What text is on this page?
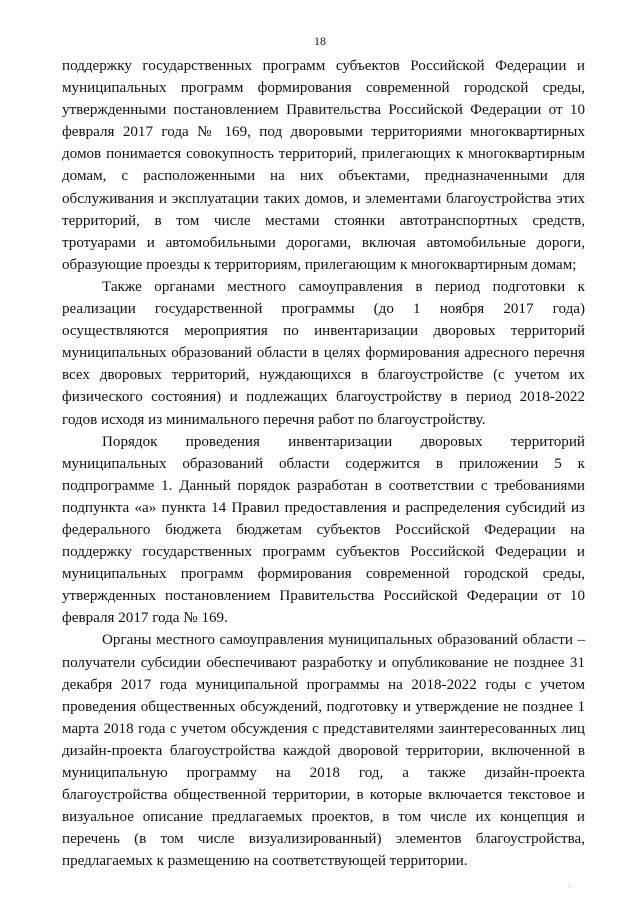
18

поддержку государственных программ субъектов Российской Федерации и муниципальных программ формирования современной городской среды, утвержденными постановлением Правительства Российской Федерации от 10 февраля 2017 года № 169, под дворовыми территориями многоквартирных домов понимается совокупность территорий, прилегающих к многоквартирным домам, с расположенными на них объектами, предназначенными для обслуживания и эксплуатации таких домов, и элементами благоустройства этих территорий, в том числе местами стоянки автотранспортных средств, тротуарами и автомобильными дорогами, включая автомобильные дороги, образующие проезды к территориям, прилегающим к многоквартирным домам;

Также органами местного самоуправления в период подготовки к реализации государственной программы (до 1 ноября 2017 года) осуществляются мероприятия по инвентаризации дворовых территорий муниципальных образований области в целях формирования адресного перечня всех дворовых территорий, нуждающихся в благоустройстве (с учетом их физического состояния) и подлежащих благоустройству в период 2018-2022 годов исходя из минимального перечня работ по благоустройству.

Порядок проведения инвентаризации дворовых территорий муниципальных образований области содержится в приложении 5 к подпрограмме 1. Данный порядок разработан в соответствии с требованиями подпункта «а» пункта 14 Правил предоставления и распределения субсидий из федерального бюджета бюджетам субъектов Российской Федерации на поддержку государственных программ субъектов Российской Федерации и муниципальных программ формирования современной городской среды, утвержденных постановлением Правительства Российской Федерации от 10 февраля 2017 года № 169.

Органы местного самоуправления муниципальных образований области – получатели субсидии обеспечивают разработку и опубликование не позднее 31 декабря 2017 года муниципальной программы на 2018-2022 годы с учетом проведения общественных обсуждений, подготовку и утверждение не позднее 1 марта 2018 года с учетом обсуждения с представителями заинтересованных лиц дизайн-проекта благоустройства каждой дворовой территории, включенной в муниципальную программу на 2018 год, а также дизайн-проекта благоустройства общественной территории, в которые включается текстовое и визуальное описание предлагаемых проектов, в том числе их концепция и перечень (в том числе визуализированный) элементов благоустройства, предлагаемых к размещению на соответствующей территории.

'
